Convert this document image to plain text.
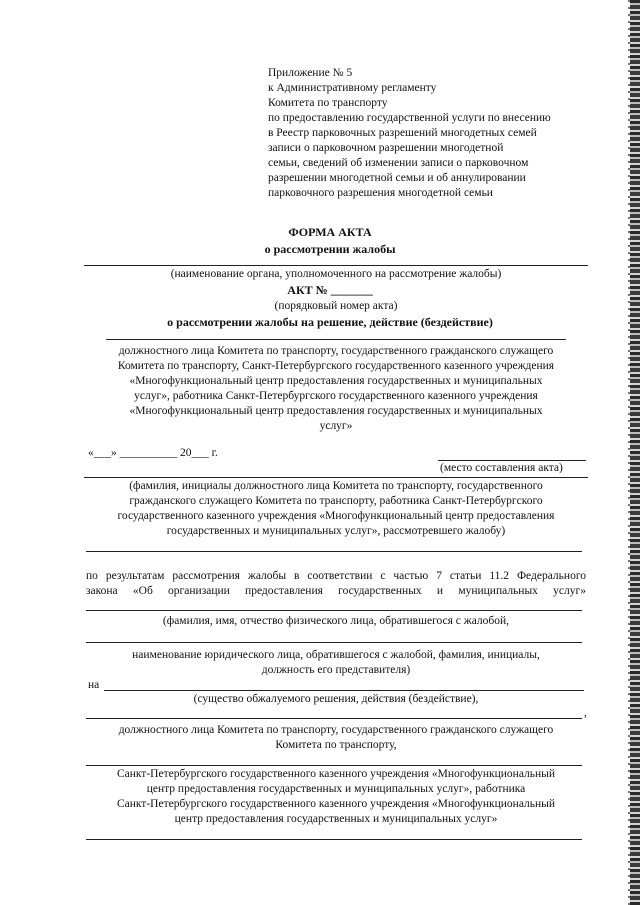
Приложение № 5
к Административному регламенту
Комитета по транспорту
по предоставлению государственной услуги по внесению
в Реестр парковочных разрешений многодетных семей
записи о парковочном разрешении многодетной
семьи, сведений об изменении записи о парковочном
разрешении многодетной семьи и об аннулировании
парковочного разрешения многодетной семьи
ФОРМА АКТА
о рассмотрении жалобы
(наименование органа, уполномоченного на рассмотрение жалобы)
АКТ № _______
(порядковый номер акта)
о рассмотрении жалобы на решение, действие (бездействие)
должностного лица Комитета по транспорту, государственного гражданского служащего
Комитета по транспорту, Санкт-Петербургского государственного казенного учреждения
«Многофункциональный центр предоставления государственных и муниципальных
услуг», работника Санкт-Петербургского государственного казенного учреждения
«Многофункциональный центр предоставления государственных и муниципальных
услуг»
«___» __________ 20___ г.
(место составления акта)
(фамилия, инициалы должностного лица Комитета по транспорту, государственного
гражданского служащего Комитета по транспорту, работника Санкт-Петербургского
государственного казенного учреждения «Многофункциональный центр предоставления
государственных и муниципальных услуг», рассмотревшего жалобу)
по результатам рассмотрения жалобы в соответствии с частью 7 статьи 11.2 Федерального
закона «Об организации предоставления государственных и муниципальных услуг»
(фамилия, имя, отчество физического лица, обратившегося с жалобой,
наименование юридического лица, обратившегося с жалобой, фамилия, инициалы,
должность его представителя)
на
(существо обжалуемого решения, действия (бездействие),
,
должностного лица Комитета по транспорту, государственного гражданского служащего
Комитета по транспорту,
Санкт-Петербургского государственного казенного учреждения «Многофункциональный
центр предоставления государственных и муниципальных услуг», работника
Санкт-Петербургского государственного казенного учреждения «Многофункциональный
центр предоставления государственных и муниципальных услуг»
